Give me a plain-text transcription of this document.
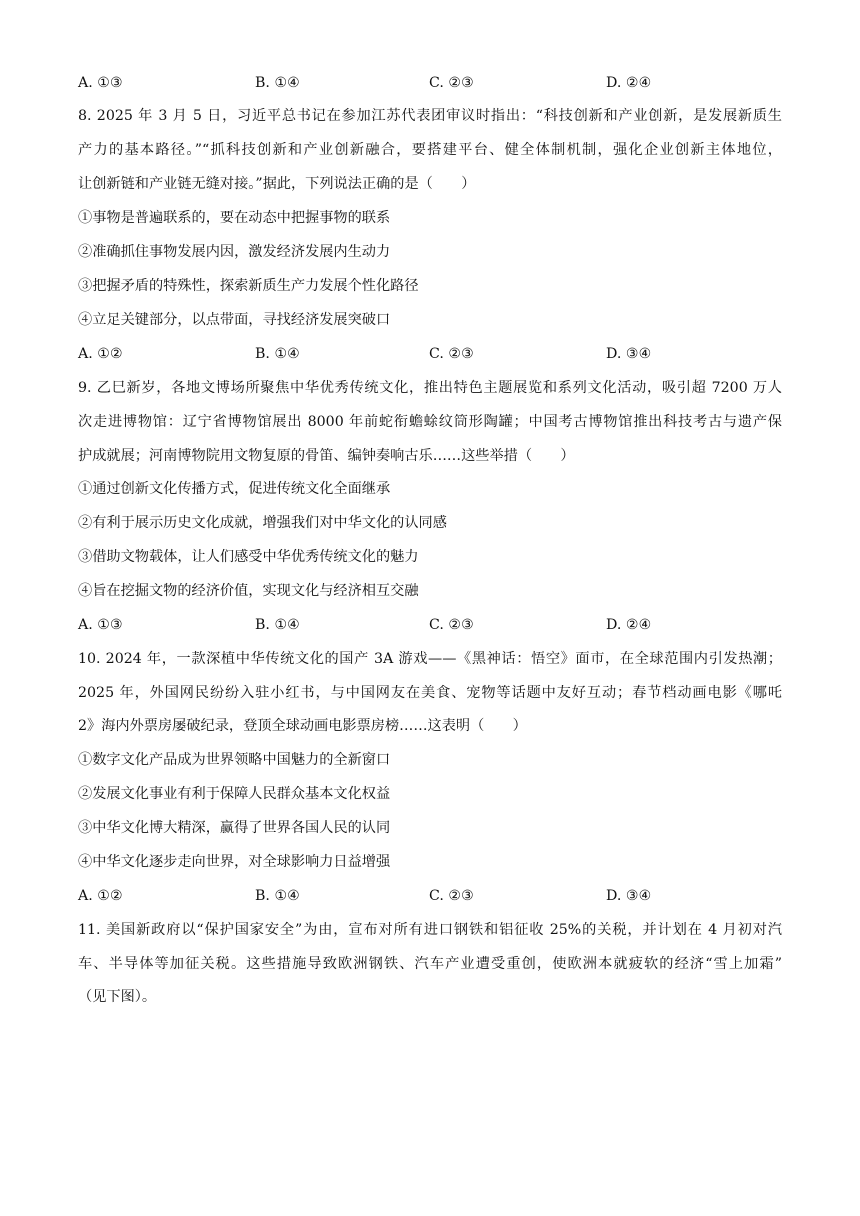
A. ①③	B. ①④	C. ②③	D. ②④
8. 2025 年 3 月 5 日，习近平总书记在参加江苏代表团审议时指出：“科技创新和产业创新，是发展新质生
产力的基本路径。”“抓科技创新和产业创新融合，要搭建平台、健全体制机制，强化企业创新主体地位，
让创新链和产业链无缝对接。”据此，下列说法正确的是（　　）
①事物是普遍联系的，要在动态中把握事物的联系
②准确抓住事物发展内因，激发经济发展内生动力
③把握矛盾的特殊性，探索新质生产力发展个性化路径
④立足关键部分，以点带面，寻找经济发展突破口
A. ①②	B. ①④	C. ②③	D. ③④
9. 乙巳新岁，各地文博场所聚焦中华优秀传统文化，推出特色主题展览和系列文化活动，吸引超 7200 万人
次走进博物馆：辽宁省博物馆展出 8000 年前蛇衔蟾蜍纹筒形陶罐；中国考古博物馆推出科技考古与遗产保
护成就展；河南博物院用文物复原的骨笛、编钟奏响古乐……这些举措（　　）
①通过创新文化传播方式，促进传统文化全面继承
②有利于展示历史文化成就，增强我们对中华文化的认同感
③借助文物载体，让人们感受中华优秀传统文化的魅力
④旨在挖掘文物的经济价值，实现文化与经济相互交融
A. ①③	B. ①④	C. ②③	D. ②④
10. 2024 年，一款深植中华传统文化的国产 3A 游戏——《黑神话：悟空》面市，在全球范围内引发热潮；
2025 年，外国网民纷纷入驻小红书，与中国网友在美食、宠物等话题中友好互动；春节档动画电影《哪吒
2》海内外票房屡破纪录，登顶全球动画电影票房榜……这表明（　　）
①数字文化产品成为世界领略中国魅力的全新窗口
②发展文化事业有利于保障人民群众基本文化权益
③中华文化博大精深，赢得了世界各国人民的认同
④中华文化逐步走向世界，对全球影响力日益增强
A. ①②	B. ①④	C. ②③	D. ③④
11. 美国新政府以“保护国家安全”为由，宣布对所有进口钢铁和铝征收 25%的关税，并计划在 4 月初对汽
车、半导体等加征关税。这些措施导致欧洲钢铁、汽车产业遭受重创，使欧洲本就疲软的经济“雪上加霜”
（见下图）。
